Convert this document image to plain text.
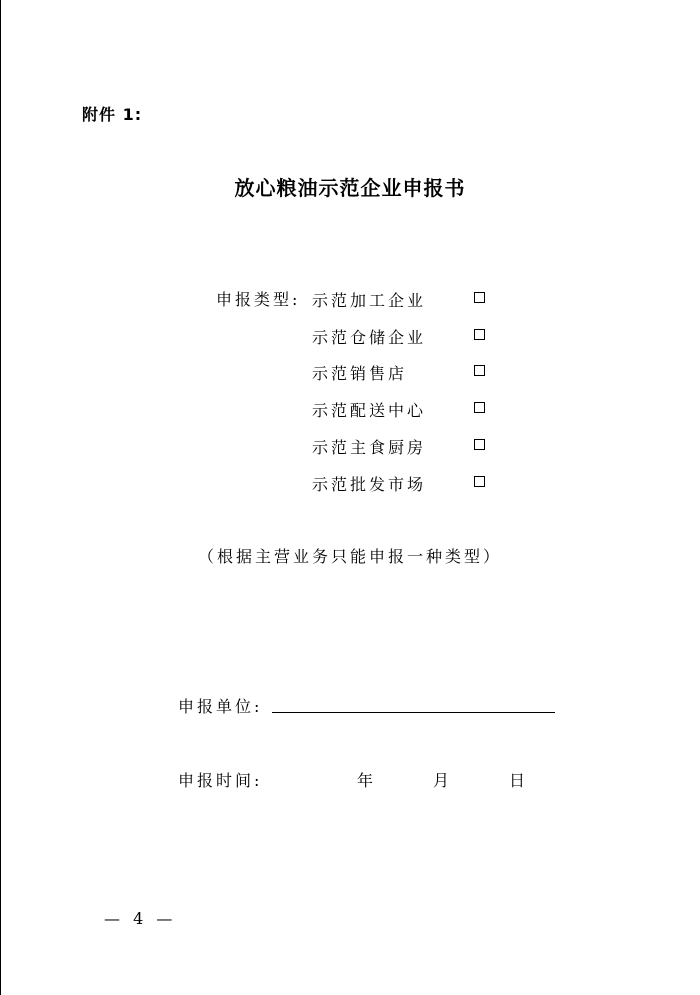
附件 1:
放心粮油示范企业申报书
申报类型: 示范加工企业
示范仓储企业
示范销售店
示范配送中心
示范主食厨房
示范批发市场
（根据主营业务只能申报一种类型）
申报单位:
申报时间:	年	月	日
— 4 —
